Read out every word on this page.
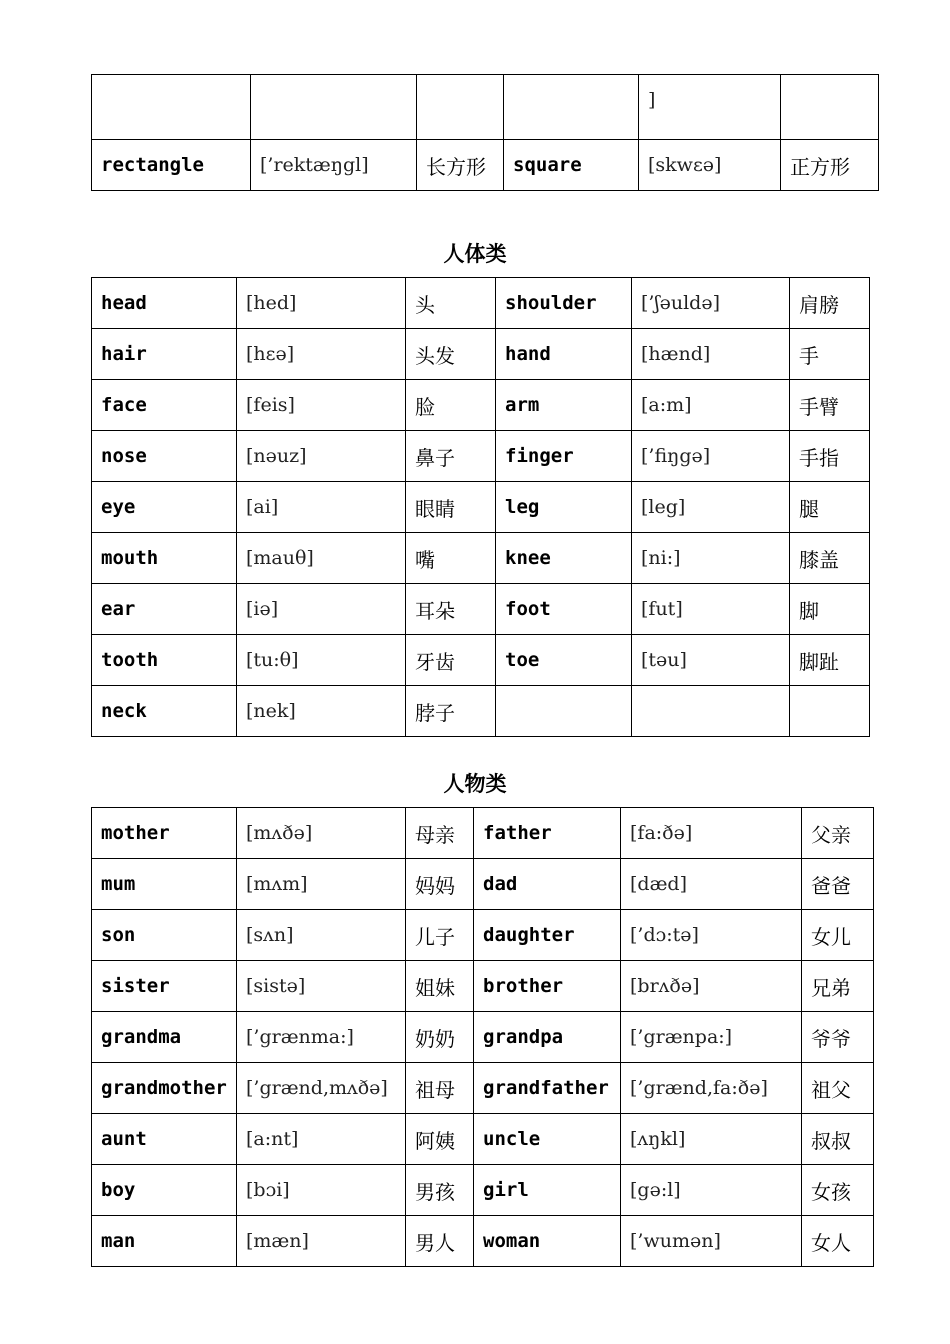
				]	
rectangle	[’rektæŋgl]	长方形	square	[skwɛə]	正方形
人体类
head	[hed]	头	shoulder	[’ʃəuldə]	肩膀
hair	[hɛə]	头发	hand	[hænd]	手
face	[feis]	脸	arm	[a:m]	手臂
nose	[nəuz]	鼻子	finger	[’fiŋgə]	手指
eye	[ai]	眼睛	leg	[leg]	腿
mouth	[mauθ]	嘴	knee	[ni:]	膝盖
ear	[iə]	耳朵	foot	[fut]	脚
tooth	[tu:θ]	牙齿	toe	[təu]	脚趾
neck	[nek]	脖子			
人物类
mother	[mʌðə]	母亲	father	[fa:ðə]	父亲
mum	[mʌm]	妈妈	dad	[dæd]	爸爸
son	[sʌn]	儿子	daughter	[’dɔ:tə]	女儿
sister	[sistə]	姐妹	brother	[brʌðə]	兄弟
grandma	[’grænma:]	奶奶	grandpa	[’grænpa:]	爷爷
grandmother	[’grænd,mʌðə]	祖母	grandfather	[’grænd,fa:ðə]	祖父
aunt	[a:nt]	阿姨	uncle	[ʌŋkl]	叔叔
boy	[bɔi]	男孩	girl	[gə:l]	女孩
man	[mæn]	男人	woman	[’wumən]	女人
